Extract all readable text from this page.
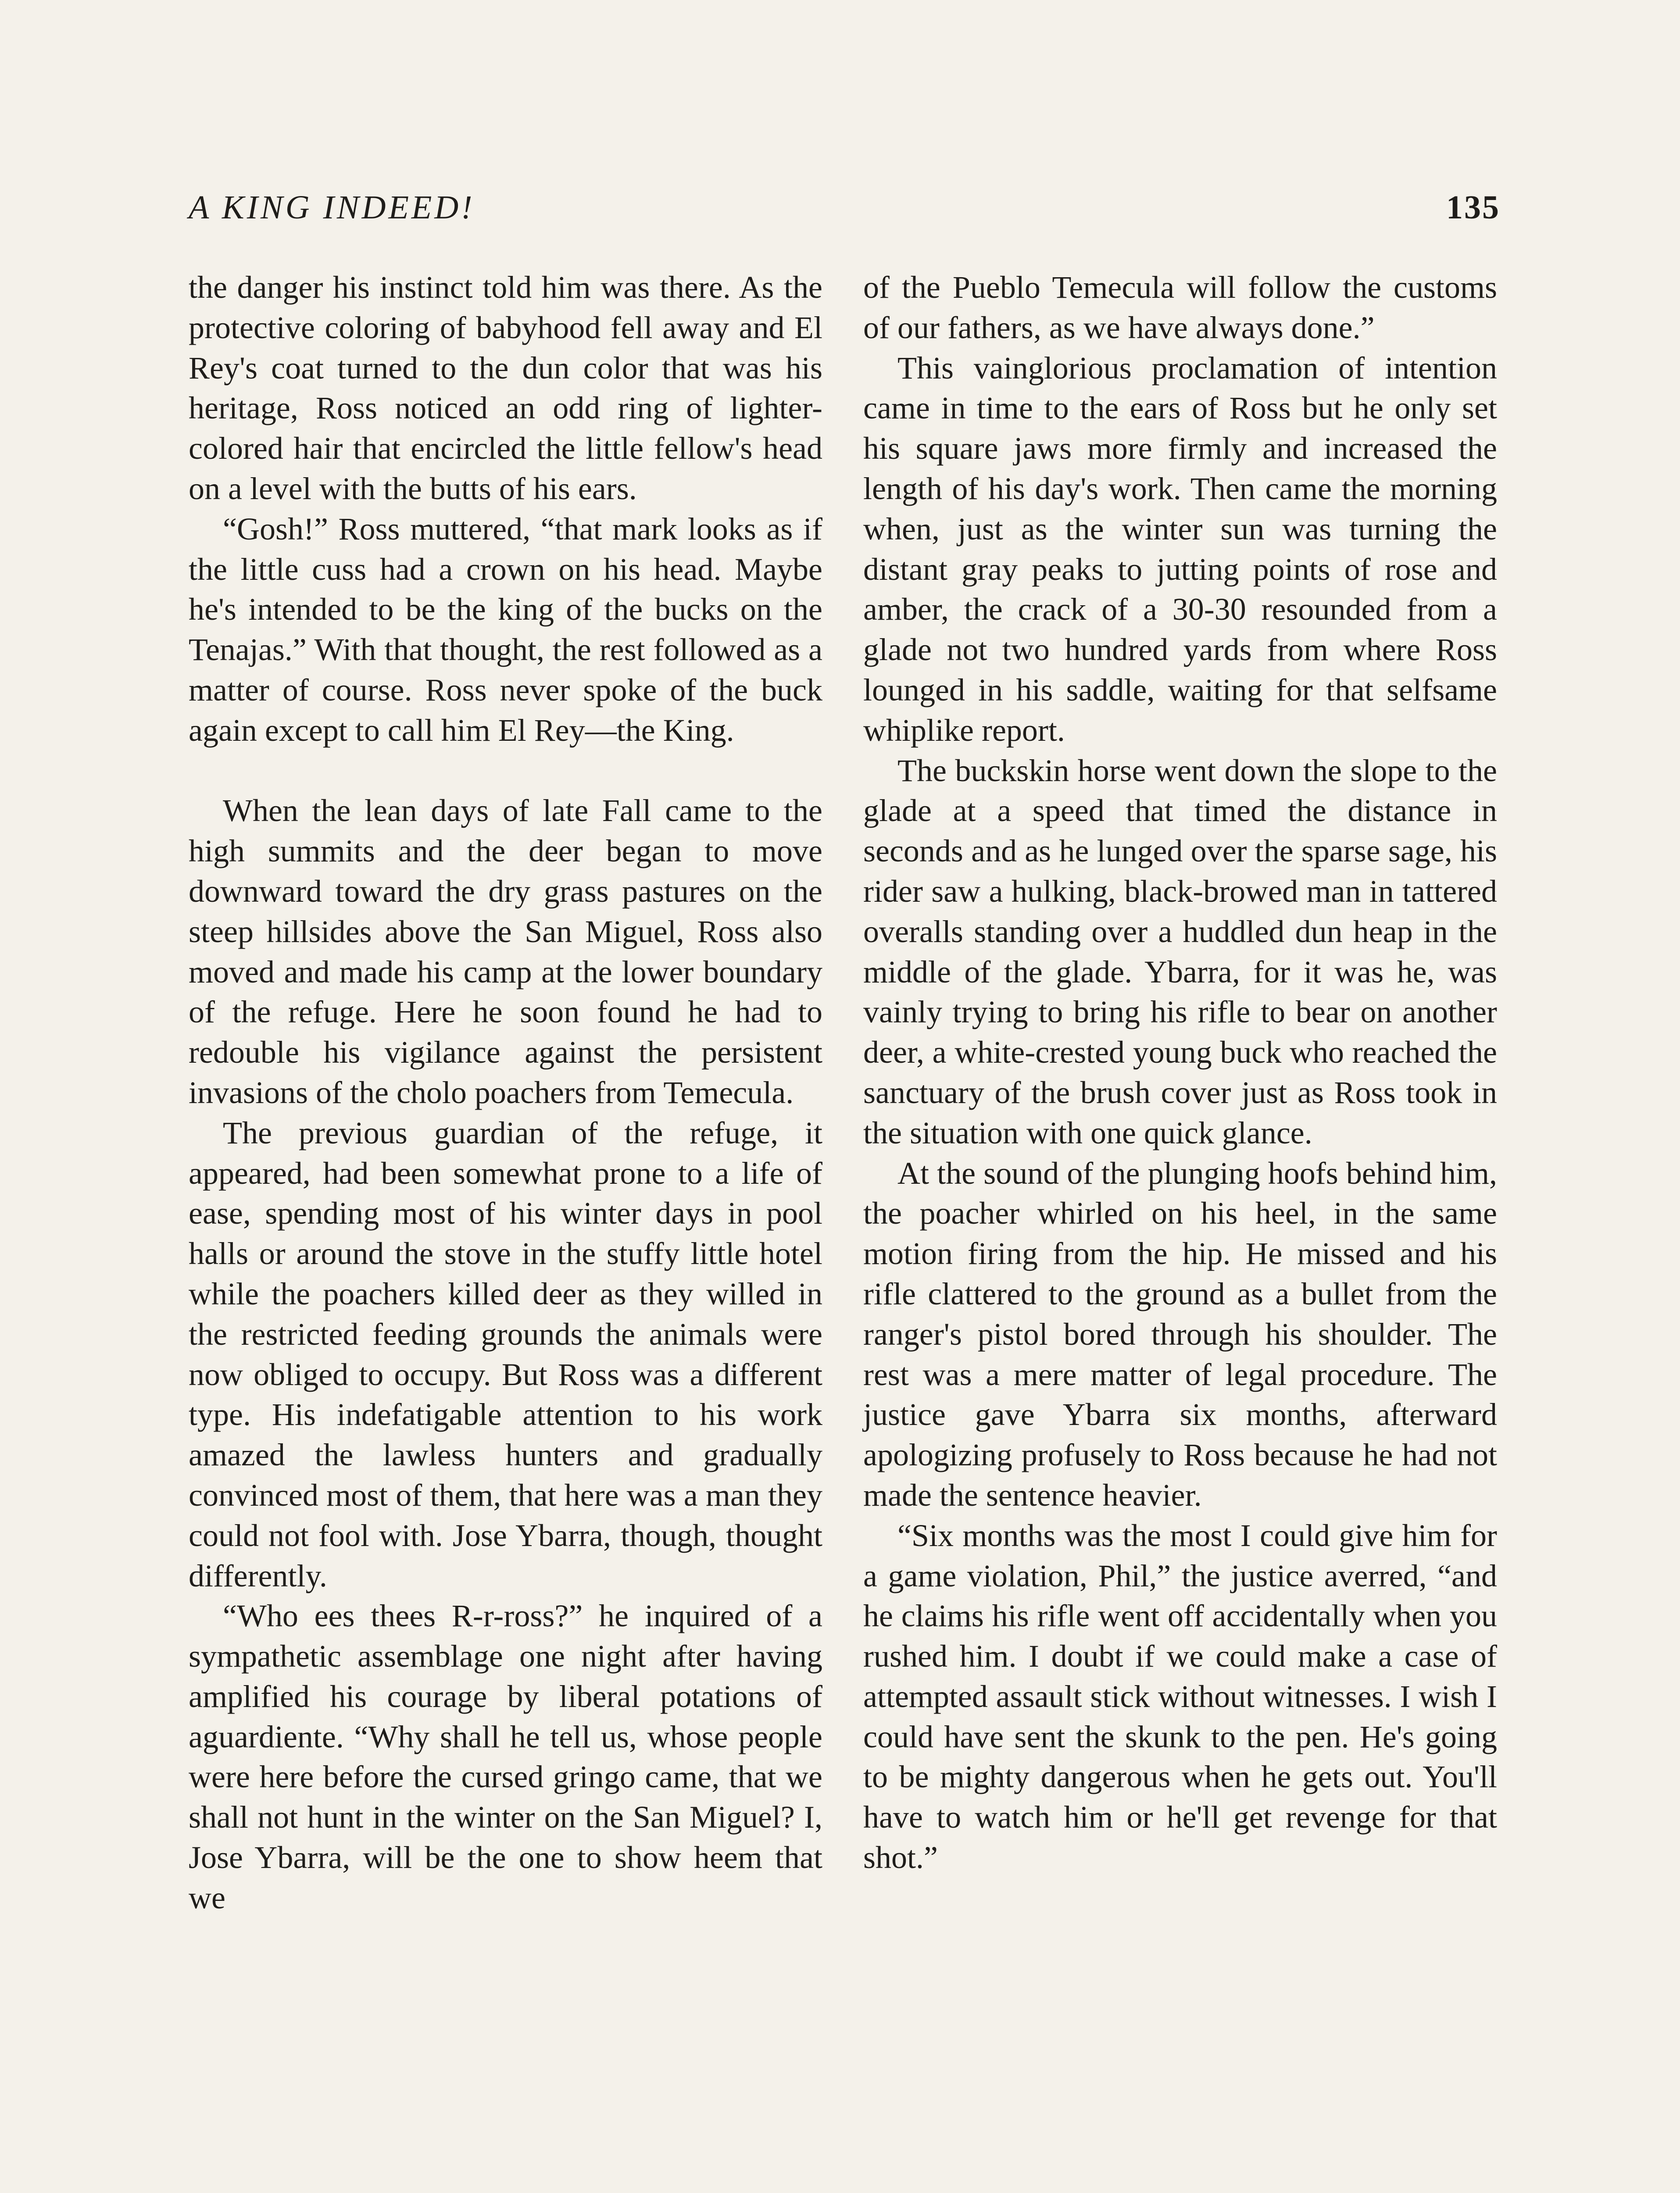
A KING INDEED!	135

the danger his instinct told him was there. As the protective coloring of babyhood fell away and El Rey's coat turned to the dun color that was his heritage, Ross noticed an odd ring of lighter-colored hair that encircled the little fellow's head on a level with the butts of his ears.

“Gosh!” Ross muttered, “that mark looks as if the little cuss had a crown on his head. Maybe he's intended to be the king of the bucks on the Tenajas.” With that thought, the rest followed as a matter of course. Ross never spoke of the buck again except to call him El Rey—the King.

When the lean days of late Fall came to the high summits and the deer began to move downward toward the dry grass pastures on the steep hillsides above the San Miguel, Ross also moved and made his camp at the lower boundary of the refuge. Here he soon found he had to redouble his vigilance against the persistent invasions of the cholo poachers from Temecula.

The previous guardian of the refuge, it appeared, had been somewhat prone to a life of ease, spending most of his winter days in pool halls or around the stove in the stuffy little hotel while the poachers killed deer as they willed in the restricted feeding grounds the animals were now obliged to occupy. But Ross was a different type. His indefatigable attention to his work amazed the lawless hunters and gradually convinced most of them, that here was a man they could not fool with. Jose Ybarra, though, thought differently.

“Who ees thees R-r-ross?” he inquired of a sympathetic assemblage one night after having amplified his courage by liberal potations of aguardiente. “Why shall he tell us, whose people were here before the cursed gringo came, that we shall not hunt in the winter on the San Miguel? I, Jose Ybarra, will be the one to show heem that we

of the Pueblo Temecula will follow the customs of our fathers, as we have always done.”

This vainglorious proclamation of intention came in time to the ears of Ross but he only set his square jaws more firmly and increased the length of his day's work. Then came the morning when, just as the winter sun was turning the distant gray peaks to jutting points of rose and amber, the crack of a 30-30 resounded from a glade not two hundred yards from where Ross lounged in his saddle, waiting for that selfsame whiplike report.

The buckskin horse went down the slope to the glade at a speed that timed the distance in seconds and as he lunged over the sparse sage, his rider saw a hulking, black-browed man in tattered overalls standing over a huddled dun heap in the middle of the glade. Ybarra, for it was he, was vainly trying to bring his rifle to bear on another deer, a white-crested young buck who reached the sanctuary of the brush cover just as Ross took in the situation with one quick glance.

At the sound of the plunging hoofs behind him, the poacher whirled on his heel, in the same motion firing from the hip. He missed and his rifle clattered to the ground as a bullet from the ranger's pistol bored through his shoulder. The rest was a mere matter of legal procedure. The justice gave Ybarra six months, afterward apologizing profusely to Ross because he had not made the sentence heavier.

“Six months was the most I could give him for a game violation, Phil,” the justice averred, “and he claims his rifle went off accidentally when you rushed him. I doubt if we could make a case of attempted assault stick without witnesses. I wish I could have sent the skunk to the pen. He's going to be mighty dangerous when he gets out. You'll have to watch him or he'll get revenge for that shot.”
